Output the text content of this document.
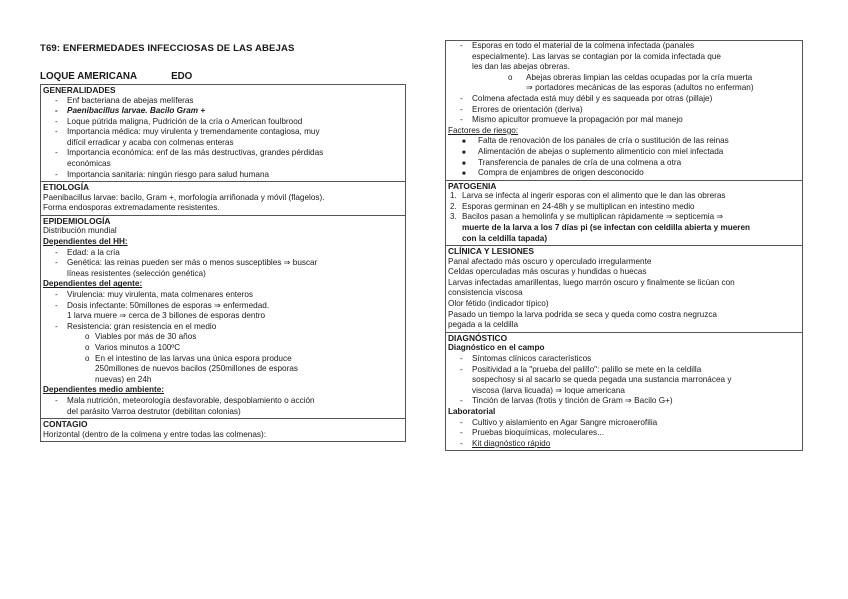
T69: ENFERMEDADES INFECCIOSAS DE LAS ABEJAS
LOQUE AMERICANA	EDO
GENERALIDADES
- Enf bacteriana de abejas melíferas
- Paenibacillus larvae. Bacilo Gram +
- Loque pútrida maligna, Pudrición de la cría o American foulbrood
- Importancia médica: muy virulenta y tremendamente contagiosa, muy
difícil erradicar y acaba con colmenas enteras
- Importancia económica: enf de las más destructivas, grandes pérdidas
económicas
- Importancia sanitaria: ningún riesgo para salud humana
ETIOLOGÍA
Paenibacillus larvae: bacilo, Gram +, morfología arriñonada y móvil (flagelos).
Forma endosporas extremadamente resistentes.
EPIDEMIOLOGÍA
Distribución mundial
Dependientes del HH:
- Edad: a la cría
- Genética: las reinas pueden ser más o menos susceptibles ⇒ buscar
líneas resistentes (selección genética)
Dependientes del agente:
- Virulencia: muy virulenta, mata colmenares enteros
- Dosis infectante: 50millones de esporas ⇒ enfermedad.
1 larva muere ⇒ cerca de 3 billones de esporas dentro
- Resistencia: gran resistencia en el medio
o Viables por más de 30 años
o Varios minutos a 100ºC
o En el intestino de las larvas una única espora produce
250millones de nuevos bacilos (250millones de esporas
nuevas) en 24h
Dependientes medio ambiente:
- Mala nutrición, meteorología desfavorable, despoblamiento o acción
del parásito Varroa destrutor (debilitan colonias)
CONTAGIO
Horizontal (dentro de la colmena y entre todas las colmenas):
- Esporas en todo el material de la colmena infectada (panales
especialmente). Las larvas se contagian por la comida infectada que
les dan las abejas obreras.
o Abejas obreras limpian las celdas ocupadas por la cría muerta
⇒ portadores mecánicas de las esporas (adultos no enferman)
- Colmena afectada está muy débil y es saqueada por otras (pillaje)
- Errores de orientación (deriva)
- Mismo apicultor promueve la propagación por mal manejo
Factores de riesgo:
■ Falta de renovación de los panales de cría o sustitución de las reinas
■ Alimentación de abejas o suplemento alimenticio con miel infectada
■ Transferencia de panales de cría de una colmena a otra
■ Compra de enjambres de origen desconocido
PATOGENIA
1. Larva se infecta al ingerir esporas con el alimento que le dan las obreras
2. Esporas germinan en 24-48h y se multiplican en intestino medio
3. Bacilos pasan a hemolinfa y se multiplican rápidamente ⇒ septicemia ⇒
muerte de la larva a los 7 días pi (se infectan con celdilla abierta y mueren
con la celdilla tapada)
CLÍNICA Y LESIONES
Panal afectado más oscuro y operculado irregularmente
Celdas operculadas más oscuras y hundidas o huecas
Larvas infectadas amarillentas, luego marrón oscuro y finalmente se licúan con
consistencia viscosa
Olor fétido (indicador típico)
Pasado un tiempo la larva podrida se seca y queda como costra negruzca
pegada a la celdilla
DIAGNÓSTICO
Diagnóstico en el campo
- Síntomas clínicos característicos
- Positividad a la "prueba del palillo": palillo se mete en la celdilla
sospechosy si al sacarlo se queda pegada una sustancia marronácea y
viscosa (larva licuada) ⇒ loque americana
- Tinción de larvas (frotis y tinción de Gram ⇒ Bacilo G+)
Laboratorial
- Cultivo y aislamiento en Agar Sangre microaerofilia
- Pruebas bioquímicas, moleculares...
- Kit diagnóstico rápido
